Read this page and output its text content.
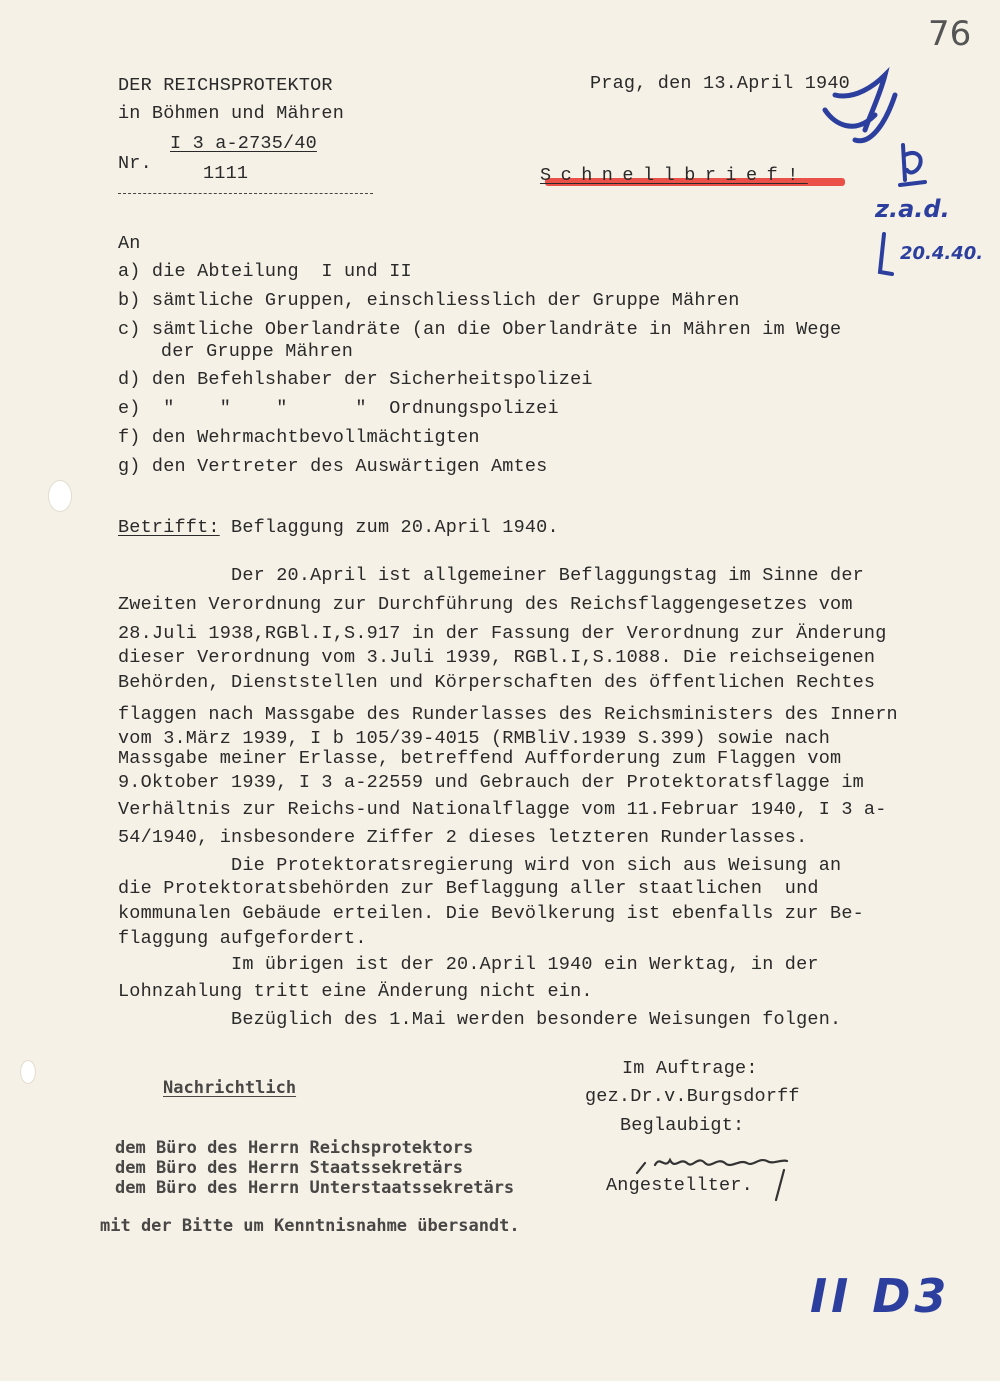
76
DER REICHSPROTEKTOR
in Böhmen und Mähren
I 3 a-2735/40
Nr.	1111
Prag, den 13.April 1940
Schnellbrief!
z.a.d.
20.4.40.
An
a) die Abteilung  I und II
b) sämtliche Gruppen, einschliesslich der Gruppe Mähren
c) sämtliche Oberlandräte (an die Oberlandräte in Mähren im Wege
der Gruppe Mähren
d) den Befehlshaber der Sicherheitspolizei
e)  "    "    "      "  Ordnungspolizei
f) den Wehrmachtbevollmächtigten
g) den Vertreter des Auswärtigen Amtes
Betrifft: Beflaggung zum 20.April 1940.
Der 20.April ist allgemeiner Beflaggungstag im Sinne der
Zweiten Verordnung zur Durchführung des Reichsflaggengesetzes vom
28.Juli 1938,RGBl.I,S.917 in der Fassung der Verordnung zur Änderung
dieser Verordnung vom 3.Juli 1939, RGBl.I,S.1088. Die reichseigenen
Behörden, Dienststellen und Körperschaften des öffentlichen Rechtes
flaggen nach Massgabe des Runderlasses des Reichsministers des Innern
vom 3.März 1939, I b 105/39-4015 (RMBliV.1939 S.399) sowie nach
Massgabe meiner Erlasse, betreffend Aufforderung zum Flaggen vom
9.Oktober 1939, I 3 a-22559 und Gebrauch der Protektoratsflagge im
Verhältnis zur Reichs-und Nationalflagge vom 11.Februar 1940, I 3 a-
54/1940, insbesondere Ziffer 2 dieses letzteren Runderlasses.
Die Protektoratsregierung wird von sich aus Weisung an
die Protektoratsbehörden zur Beflaggung aller staatlichen  und
kommunalen Gebäude erteilen. Die Bevölkerung ist ebenfalls zur Be-
flaggung aufgefordert.
Im übrigen ist der 20.April 1940 ein Werktag, in der
Lohnzahlung tritt eine Änderung nicht ein.
Bezüglich des 1.Mai werden besondere Weisungen folgen.
Im Auftrage:
gez.Dr.v.Burgsdorff
Beglaubigt:
Angestellter.
Nachrichtlich
dem Büro des Herrn Reichsprotektors
dem Büro des Herrn Staatssekretärs
dem Büro des Herrn Unterstaatssekretärs
mit der Bitte um Kenntnisnahme übersandt.
II D3
